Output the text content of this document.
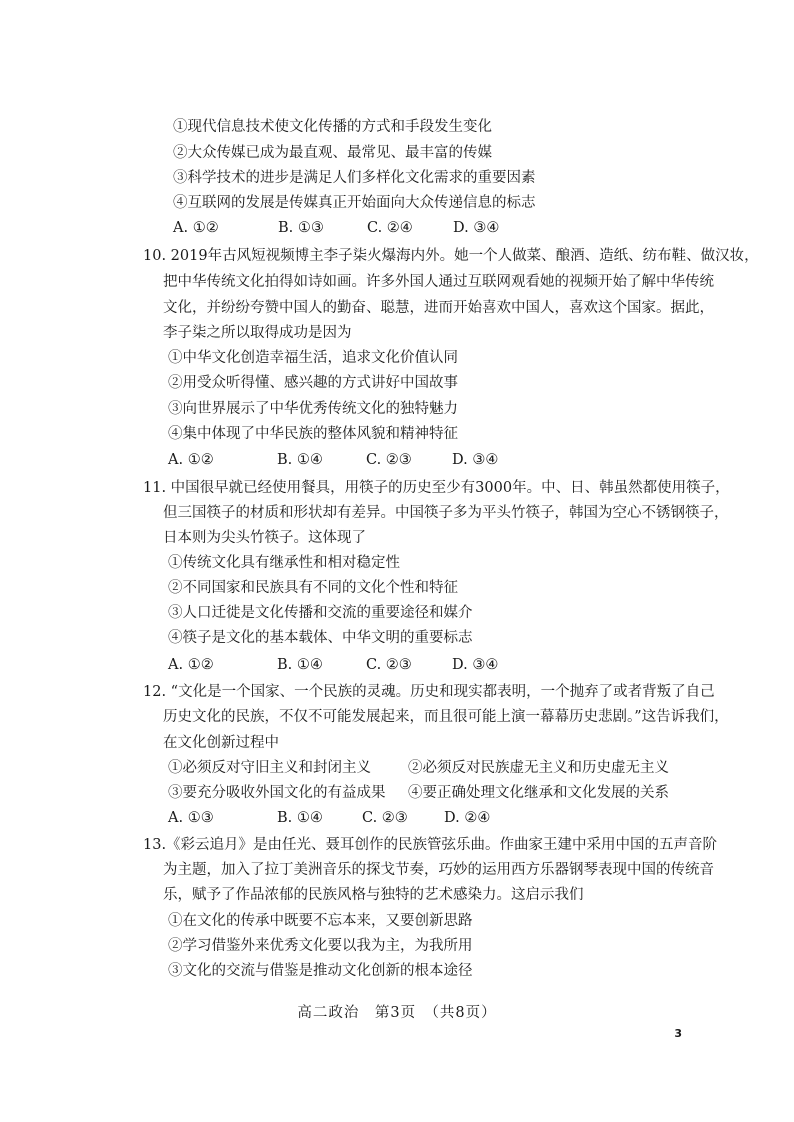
①现代信息技术使文化传播的方式和手段发生变化
②大众传媒已成为最直观、最常见、最丰富的传媒
③科学技术的进步是满足人们多样化文化需求的重要因素
④互联网的发展是传媒真正开始面向大众传递信息的标志
A. ①②	B. ①③	C. ②④	D. ③④
10. 2019年古风短视频博主李子柒火爆海内外。她一个人做菜、酿酒、造纸、纺布鞋、做汉妆，
把中华传统文化拍得如诗如画。许多外国人通过互联网观看她的视频开始了解中华传统
文化，并纷纷夸赞中国人的勤奋、聪慧，进而开始喜欢中国人，喜欢这个国家。据此，
李子柒之所以取得成功是因为
①中华文化创造幸福生活，追求文化价值认同
②用受众听得懂、感兴趣的方式讲好中国故事
③向世界展示了中华优秀传统文化的独特魅力
④集中体现了中华民族的整体风貌和精神特征
A. ①②	B. ①④	C. ②③	D. ③④
11. 中国很早就已经使用餐具，用筷子的历史至少有3000年。中、日、韩虽然都使用筷子，
但三国筷子的材质和形状却有差异。中国筷子多为平头竹筷子，韩国为空心不锈钢筷子，
日本则为尖头竹筷子。这体现了
①传统文化具有继承性和相对稳定性
②不同国家和民族具有不同的文化个性和特征
③人口迁徙是文化传播和交流的重要途径和媒介
④筷子是文化的基本载体、中华文明的重要标志
A. ①②	B. ①④	C. ②③	D. ③④
12. “文化是一个国家、一个民族的灵魂。历史和现实都表明，一个抛弃了或者背叛了自己
历史文化的民族，不仅不可能发展起来，而且很可能上演一幕幕历史悲剧。”这告诉我们，
在文化创新过程中
①必须反对守旧主义和封闭主义	②必须反对民族虚无主义和历史虚无主义
③要充分吸收外国文化的有益成果 ④要正确处理文化继承和文化发展的关系
A. ①③	B. ①④	C. ②③ D. ②④
13.《彩云追月》是由任光、聂耳创作的民族管弦乐曲。作曲家王建中采用中国的五声音阶
为主题，加入了拉丁美洲音乐的探戈节奏，巧妙的运用西方乐器钢琴表现中国的传统音
乐，赋予了作品浓郁的民族风格与独特的艺术感染力。这启示我们
①在文化的传承中既要不忘本来，又要创新思路
②学习借鉴外来优秀文化要以我为主，为我所用
③文化的交流与借鉴是推动文化创新的根本途径
高二政治　第3页　（共8页）
3
